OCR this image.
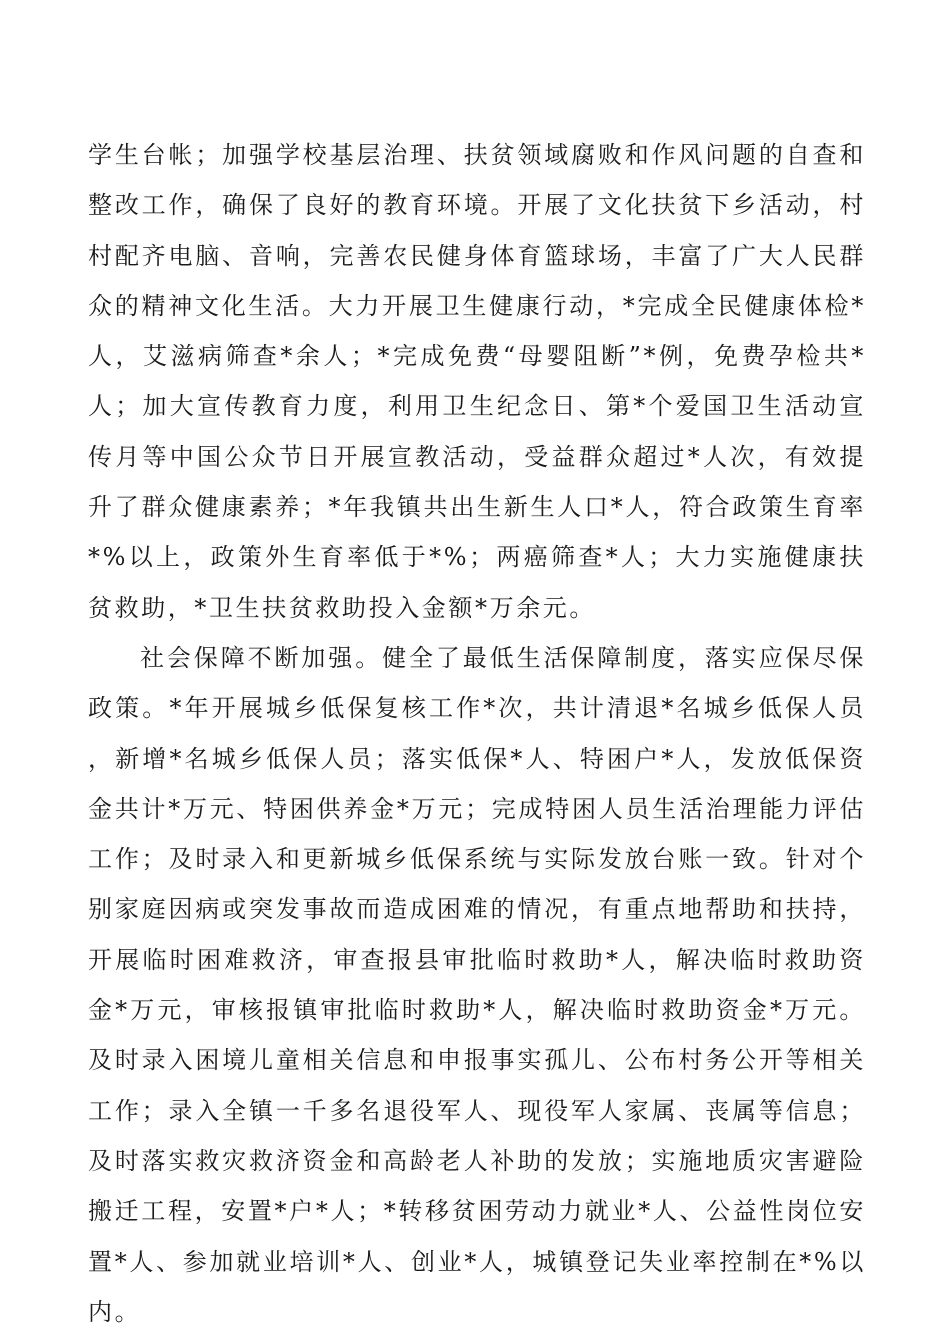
学生台帐；加强学校基层治理、扶贫领域腐败和作风问题的自查和整改工作，确保了良好的教育环境。开展了文化扶贫下乡活动，村村配齐电脑、音响，完善农民健身体育篮球场，丰富了广大人民群众的精神文化生活。大力开展卫生健康行动，*完成全民健康体检*人，艾滋病筛查*余人；*完成免费“母婴阻断”*例，免费孕检共*人；加大宣传教育力度，利用卫生纪念日、第*个爱国卫生活动宣传月等中国公众节日开展宣教活动，受益群众超过*人次，有效提升了群众健康素养；*年我镇共出生新生人口*人，符合政策生育率*%以上，政策外生育率低于*%；两癌筛查*人；大力实施健康扶贫救助，*卫生扶贫救助投入金额*万余元。

社会保障不断加强。健全了最低生活保障制度，落实应保尽保政策。*年开展城乡低保复核工作*次，共计清退*名城乡低保人员，新增*名城乡低保人员；落实低保*人、特困户*人，发放低保资金共计*万元、特困供养金*万元；完成特困人员生活治理能力评估工作；及时录入和更新城乡低保系统与实际发放台账一致。针对个别家庭因病或突发事故而造成困难的情况，有重点地帮助和扶持，开展临时困难救济，审查报县审批临时救助*人，解决临时救助资金*万元，审核报镇审批临时救助*人，解决临时救助资金*万元。及时录入困境儿童相关信息和申报事实孤儿、公布村务公开等相关工作；录入全镇一千多名退役军人、现役军人家属、丧属等信息；及时落实救灾救济资金和高龄老人补助的发放；实施地质灾害避险搬迁工程，安置*户*人；*转移贫困劳动力就业*人、公益性岗位安置*人、参加就业培训*人、创业*人，城镇登记失业率控制在*%以内。
